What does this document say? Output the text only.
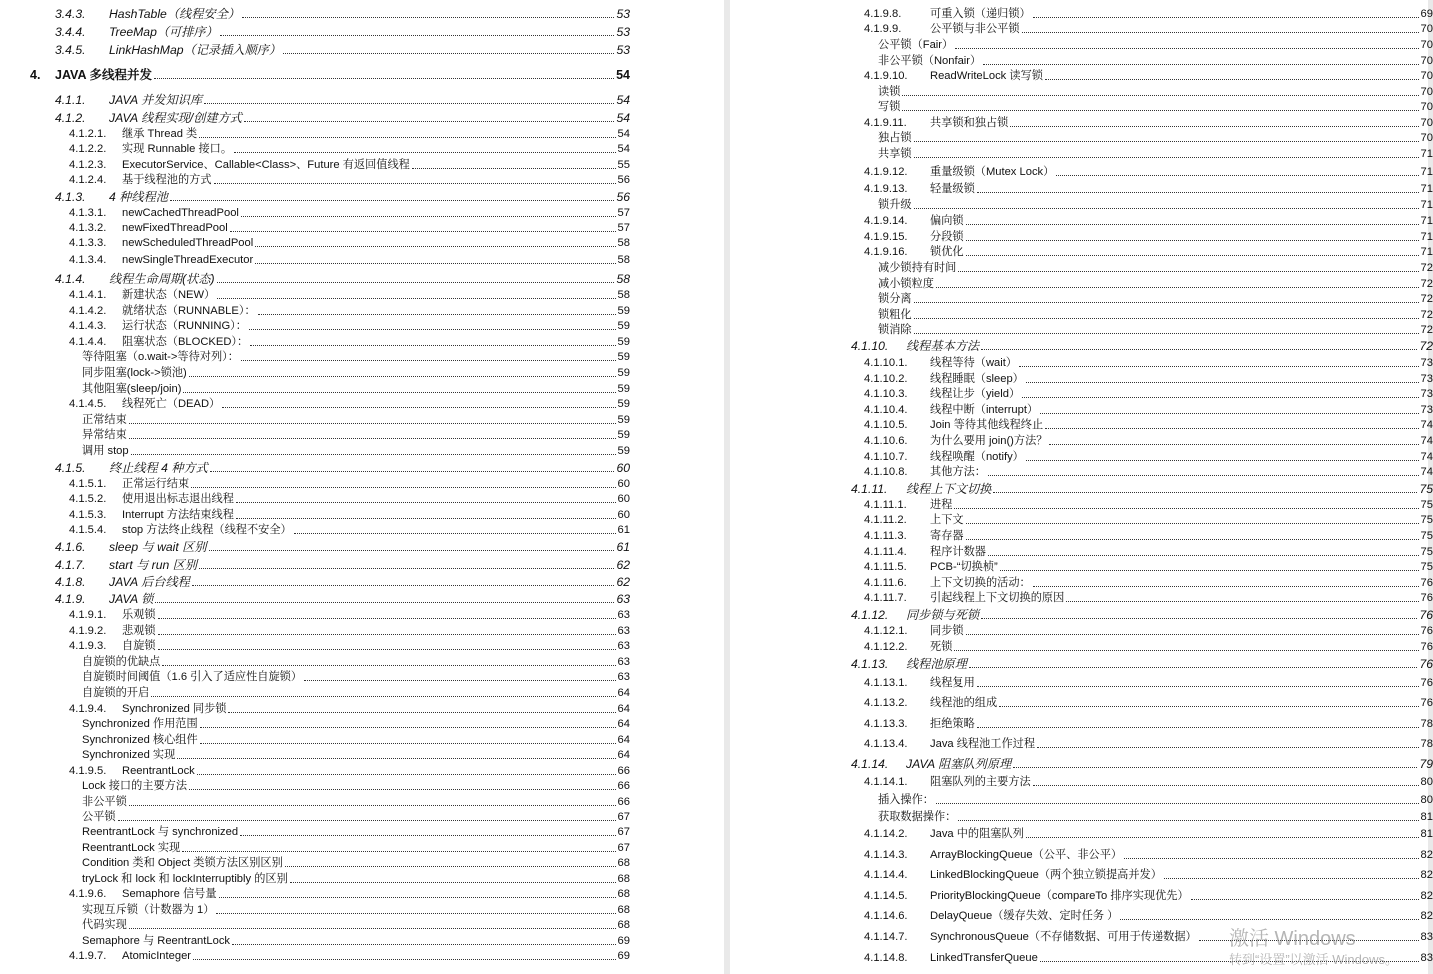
3.4.3.	HashTable（线程安全）	53
3.4.4.	TreeMap（可排序）	53
3.4.5.	LinkHashMap（记录插入顺序）	53
4.	JAVA 多线程并发	54
4.1.1.	JAVA 并发知识库	54
4.1.2.	JAVA 线程实现/创建方式	54
4.1.2.1.	继承 Thread 类	54
4.1.2.2.	实现 Runnable 接口。	54
4.1.2.3.	ExecutorService、Callable<Class>、Future 有返回值线程	55
4.1.2.4.	基于线程池的方式	56
4.1.3.	4 种线程池	56
4.1.3.1.	newCachedThreadPool	57
4.1.3.2.	newFixedThreadPool	57
4.1.3.3.	newScheduledThreadPool	58
4.1.3.4.	newSingleThreadExecutor	58
4.1.4.	线程生命周期(状态)	58
4.1.4.1.	新建状态（NEW）	58
4.1.4.2.	就绪状态（RUNNABLE）：	59
4.1.4.3.	运行状态（RUNNING）：	59
4.1.4.4.	阻塞状态（BLOCKED）：	59
等待阻塞（o.wait->等待对列）：	59
同步阻塞(lock->锁池)	59
其他阻塞(sleep/join)	59
4.1.4.5.	线程死亡（DEAD）	59
正常结束	59
异常结束	59
调用 stop	59
4.1.5.	终止线程 4 种方式	60
4.1.5.1.	正常运行结束	60
4.1.5.2.	使用退出标志退出线程	60
4.1.5.3.	Interrupt 方法结束线程	60
4.1.5.4.	stop 方法终止线程（线程不安全）	61
4.1.6.	sleep 与 wait 区别	61
4.1.7.	start 与 run 区别	62
4.1.8.	JAVA 后台线程	62
4.1.9.	JAVA 锁	63
4.1.9.1.	乐观锁	63
4.1.9.2.	悲观锁	63
4.1.9.3.	自旋锁	63
自旋锁的优缺点	63
自旋锁时间阈值（1.6 引入了适应性自旋锁）	63
自旋锁的开启	64
4.1.9.4.	Synchronized 同步锁	64
Synchronized 作用范围	64
Synchronized 核心组件	64
Synchronized 实现	64
4.1.9.5.	ReentrantLock	66
Lock 接口的主要方法	66
非公平锁	66
公平锁	67
ReentrantLock 与 synchronized	67
ReentrantLock 实现	67
Condition 类和 Object 类锁方法区别区别	68
tryLock 和 lock 和 lockInterruptibly 的区别	68
4.1.9.6.	Semaphore 信号量	68
实现互斥锁（计数器为 1）	68
代码实现	68
Semaphore 与 ReentrantLock	69
4.1.9.7.	AtomicInteger	69
4.1.9.8.	可重入锁（递归锁）	69
4.1.9.9.	公平锁与非公平锁	70
公平锁（Fair）	70
非公平锁（Nonfair）	70
4.1.9.10.	ReadWriteLock 读写锁	70
读锁	70
写锁	70
4.1.9.11.	共享锁和独占锁	70
独占锁	70
共享锁	71
4.1.9.12.	重量级锁（Mutex Lock）	71
4.1.9.13.	轻量级锁	71
锁升级	71
4.1.9.14.	偏向锁	71
4.1.9.15.	分段锁	71
4.1.9.16.	锁优化	71
减少锁持有时间	72
减小锁粒度	72
锁分离	72
锁粗化	72
锁消除	72
4.1.10.	线程基本方法	72
4.1.10.1.	线程等待（wait）	73
4.1.10.2.	线程睡眠（sleep）	73
4.1.10.3.	线程让步（yield）	73
4.1.10.4.	线程中断（interrupt）	73
4.1.10.5.	Join 等待其他线程终止	74
4.1.10.6.	为什么要用 join()方法？	74
4.1.10.7.	线程唤醒（notify）	74
4.1.10.8.	其他方法：	74
4.1.11.	线程上下文切换	75
4.1.11.1.	进程	75
4.1.11.2.	上下文	75
4.1.11.3.	寄存器	75
4.1.11.4.	程序计数器	75
4.1.11.5.	PCB-“切换桢”	75
4.1.11.6.	上下文切换的活动：	76
4.1.11.7.	引起线程上下文切换的原因	76
4.1.12.	同步锁与死锁	76
4.1.12.1.	同步锁	76
4.1.12.2.	死锁	76
4.1.13.	线程池原理	76
4.1.13.1.	线程复用	76
4.1.13.2.	线程池的组成	76
4.1.13.3.	拒绝策略	78
4.1.13.4.	Java 线程池工作过程	78
4.1.14.	JAVA 阻塞队列原理	79
4.1.14.1.	阻塞队列的主要方法	80
插入操作：	80
获取数据操作：	81
4.1.14.2.	Java 中的阻塞队列	81
4.1.14.3.	ArrayBlockingQueue（公平、非公平）	82
4.1.14.4.	LinkedBlockingQueue（两个独立锁提高并发）	82
4.1.14.5.	PriorityBlockingQueue（compareTo 排序实现优先）	82
4.1.14.6.	DelayQueue（缓存失效、定时任务 ）	82
4.1.14.7.	SynchronousQueue（不存储数据、可用于传递数据）	83
4.1.14.8.	LinkedTransferQueue	83
激活 Windows
转到“设置”以激活 Windows。
